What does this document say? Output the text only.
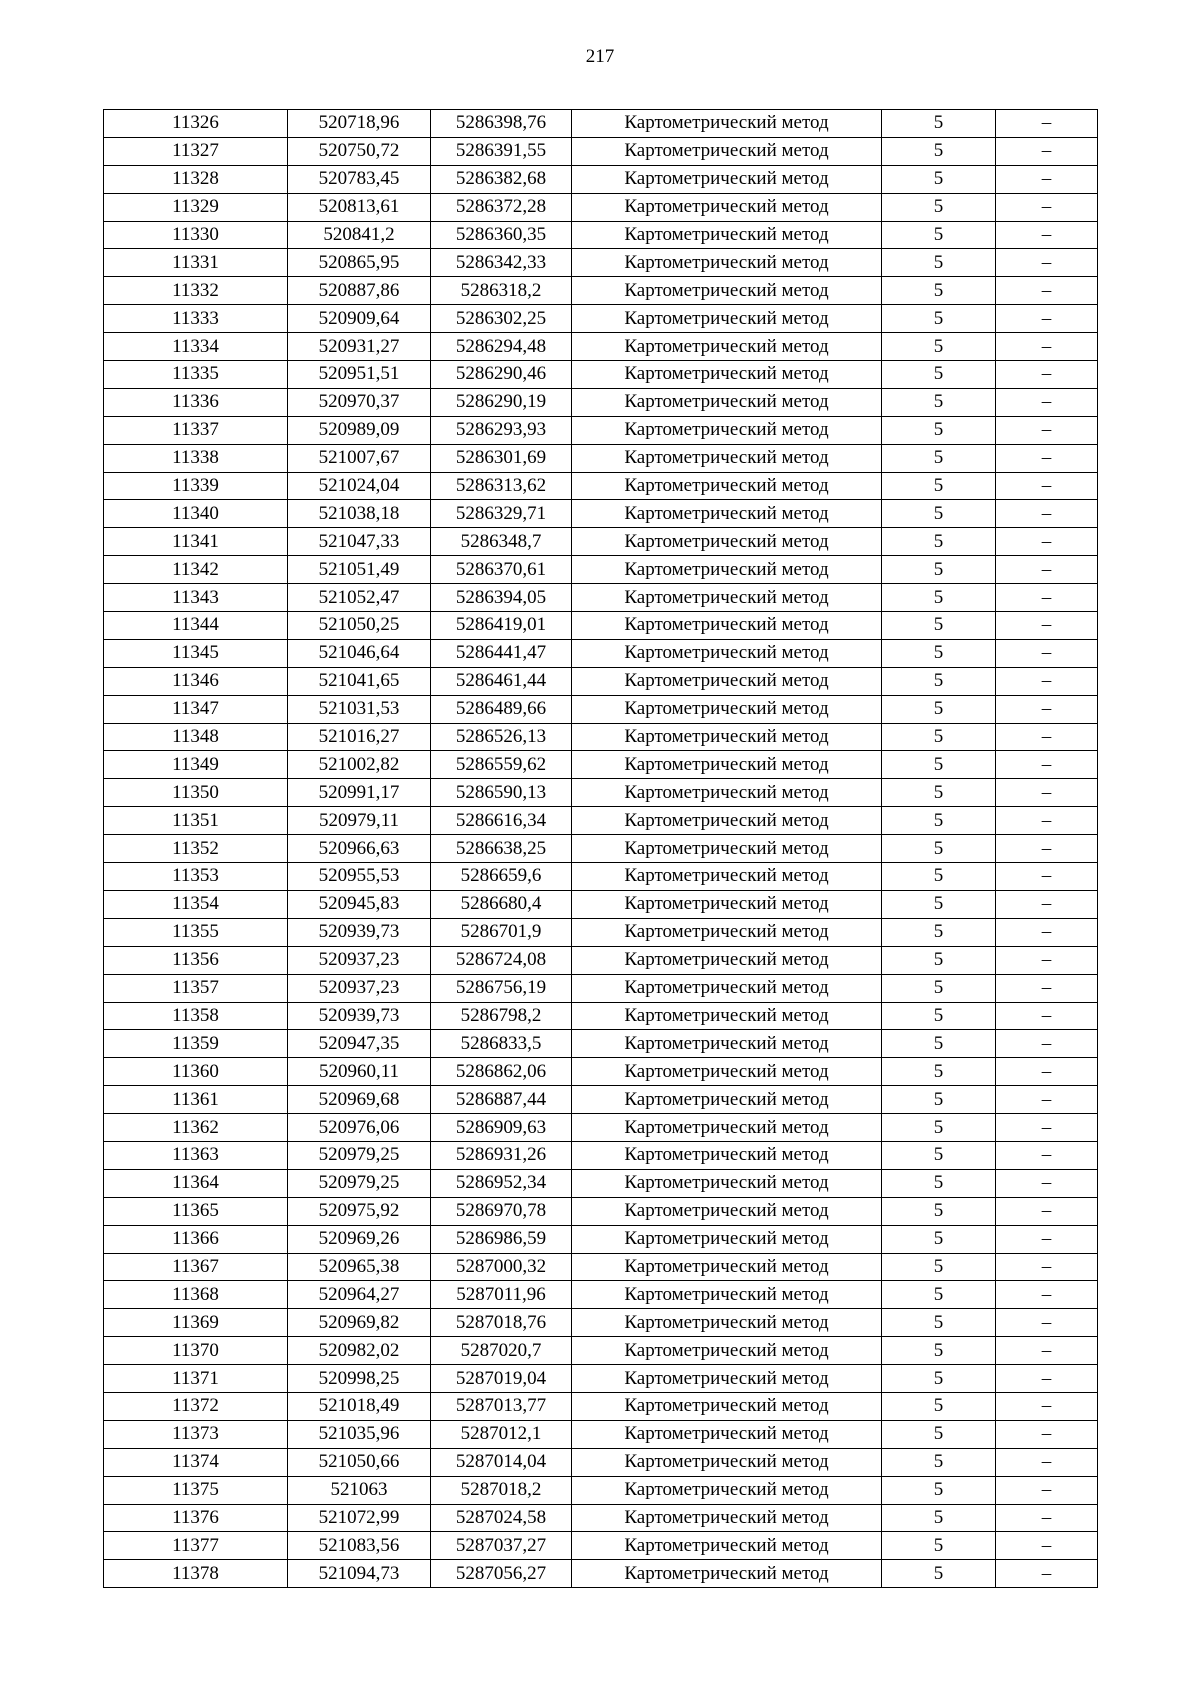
217
11326	520718,96	5286398,76	Картометрический метод	5	–
11327	520750,72	5286391,55	Картометрический метод	5	–
11328	520783,45	5286382,68	Картометрический метод	5	–
11329	520813,61	5286372,28	Картометрический метод	5	–
11330	520841,2	5286360,35	Картометрический метод	5	–
11331	520865,95	5286342,33	Картометрический метод	5	–
11332	520887,86	5286318,2	Картометрический метод	5	–
11333	520909,64	5286302,25	Картометрический метод	5	–
11334	520931,27	5286294,48	Картометрический метод	5	–
11335	520951,51	5286290,46	Картометрический метод	5	–
11336	520970,37	5286290,19	Картометрический метод	5	–
11337	520989,09	5286293,93	Картометрический метод	5	–
11338	521007,67	5286301,69	Картометрический метод	5	–
11339	521024,04	5286313,62	Картометрический метод	5	–
11340	521038,18	5286329,71	Картометрический метод	5	–
11341	521047,33	5286348,7	Картометрический метод	5	–
11342	521051,49	5286370,61	Картометрический метод	5	–
11343	521052,47	5286394,05	Картометрический метод	5	–
11344	521050,25	5286419,01	Картометрический метод	5	–
11345	521046,64	5286441,47	Картометрический метод	5	–
11346	521041,65	5286461,44	Картометрический метод	5	–
11347	521031,53	5286489,66	Картометрический метод	5	–
11348	521016,27	5286526,13	Картометрический метод	5	–
11349	521002,82	5286559,62	Картометрический метод	5	–
11350	520991,17	5286590,13	Картометрический метод	5	–
11351	520979,11	5286616,34	Картометрический метод	5	–
11352	520966,63	5286638,25	Картометрический метод	5	–
11353	520955,53	5286659,6	Картометрический метод	5	–
11354	520945,83	5286680,4	Картометрический метод	5	–
11355	520939,73	5286701,9	Картометрический метод	5	–
11356	520937,23	5286724,08	Картометрический метод	5	–
11357	520937,23	5286756,19	Картометрический метод	5	–
11358	520939,73	5286798,2	Картометрический метод	5	–
11359	520947,35	5286833,5	Картометрический метод	5	–
11360	520960,11	5286862,06	Картометрический метод	5	–
11361	520969,68	5286887,44	Картометрический метод	5	–
11362	520976,06	5286909,63	Картометрический метод	5	–
11363	520979,25	5286931,26	Картометрический метод	5	–
11364	520979,25	5286952,34	Картометрический метод	5	–
11365	520975,92	5286970,78	Картометрический метод	5	–
11366	520969,26	5286986,59	Картометрический метод	5	–
11367	520965,38	5287000,32	Картометрический метод	5	–
11368	520964,27	5287011,96	Картометрический метод	5	–
11369	520969,82	5287018,76	Картометрический метод	5	–
11370	520982,02	5287020,7	Картометрический метод	5	–
11371	520998,25	5287019,04	Картометрический метод	5	–
11372	521018,49	5287013,77	Картометрический метод	5	–
11373	521035,96	5287012,1	Картометрический метод	5	–
11374	521050,66	5287014,04	Картометрический метод	5	–
11375	521063	5287018,2	Картометрический метод	5	–
11376	521072,99	5287024,58	Картометрический метод	5	–
11377	521083,56	5287037,27	Картометрический метод	5	–
11378	521094,73	5287056,27	Картометрический метод	5	–
